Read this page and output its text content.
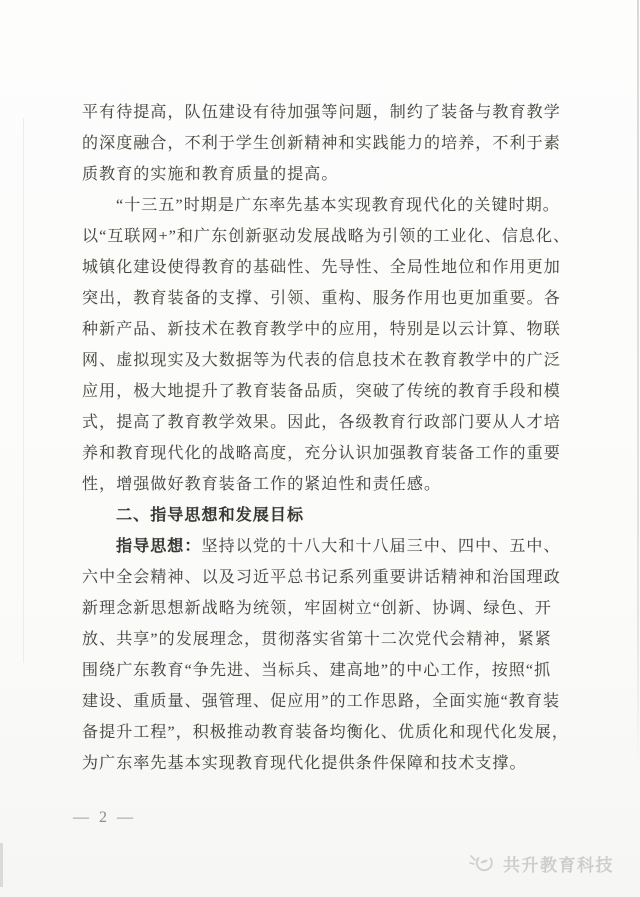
平有待提高，队伍建设有待加强等问题，制约了装备与教育教学
的深度融合，不利于学生创新精神和实践能力的培养，不利于素
质教育的实施和教育质量的提高。
“十三五”时期是广东率先基本实现教育现代化的关键时期。
以“互联网+”和广东创新驱动发展战略为引领的工业化、信息化、
城镇化建设使得教育的基础性、先导性、全局性地位和作用更加
突出，教育装备的支撑、引领、重构、服务作用也更加重要。各
种新产品、新技术在教育教学中的应用，特别是以云计算、物联
网、虚拟现实及大数据等为代表的信息技术在教育教学中的广泛
应用，极大地提升了教育装备品质，突破了传统的教育手段和模
式，提高了教育教学效果。因此，各级教育行政部门要从人才培
养和教育现代化的战略高度，充分认识加强教育装备工作的重要
性，增强做好教育装备工作的紧迫性和责任感。
二、指导思想和发展目标
指导思想：坚持以党的十八大和十八届三中、四中、五中、
六中全会精神、以及习近平总书记系列重要讲话精神和治国理政
新理念新思想新战略为统领，牢固树立“创新、协调、绿色、开
放、共享”的发展理念，贯彻落实省第十二次党代会精神，紧紧
围绕广东教育“争先进、当标兵、建高地”的中心工作，按照“抓
建设、重质量、强管理、促应用”的工作思路，全面实施“教育装
备提升工程”，积极推动教育装备均衡化、优质化和现代化发展，
为广东率先基本实现教育现代化提供条件保障和技术支撑。
— 2 —
共升教育科技
